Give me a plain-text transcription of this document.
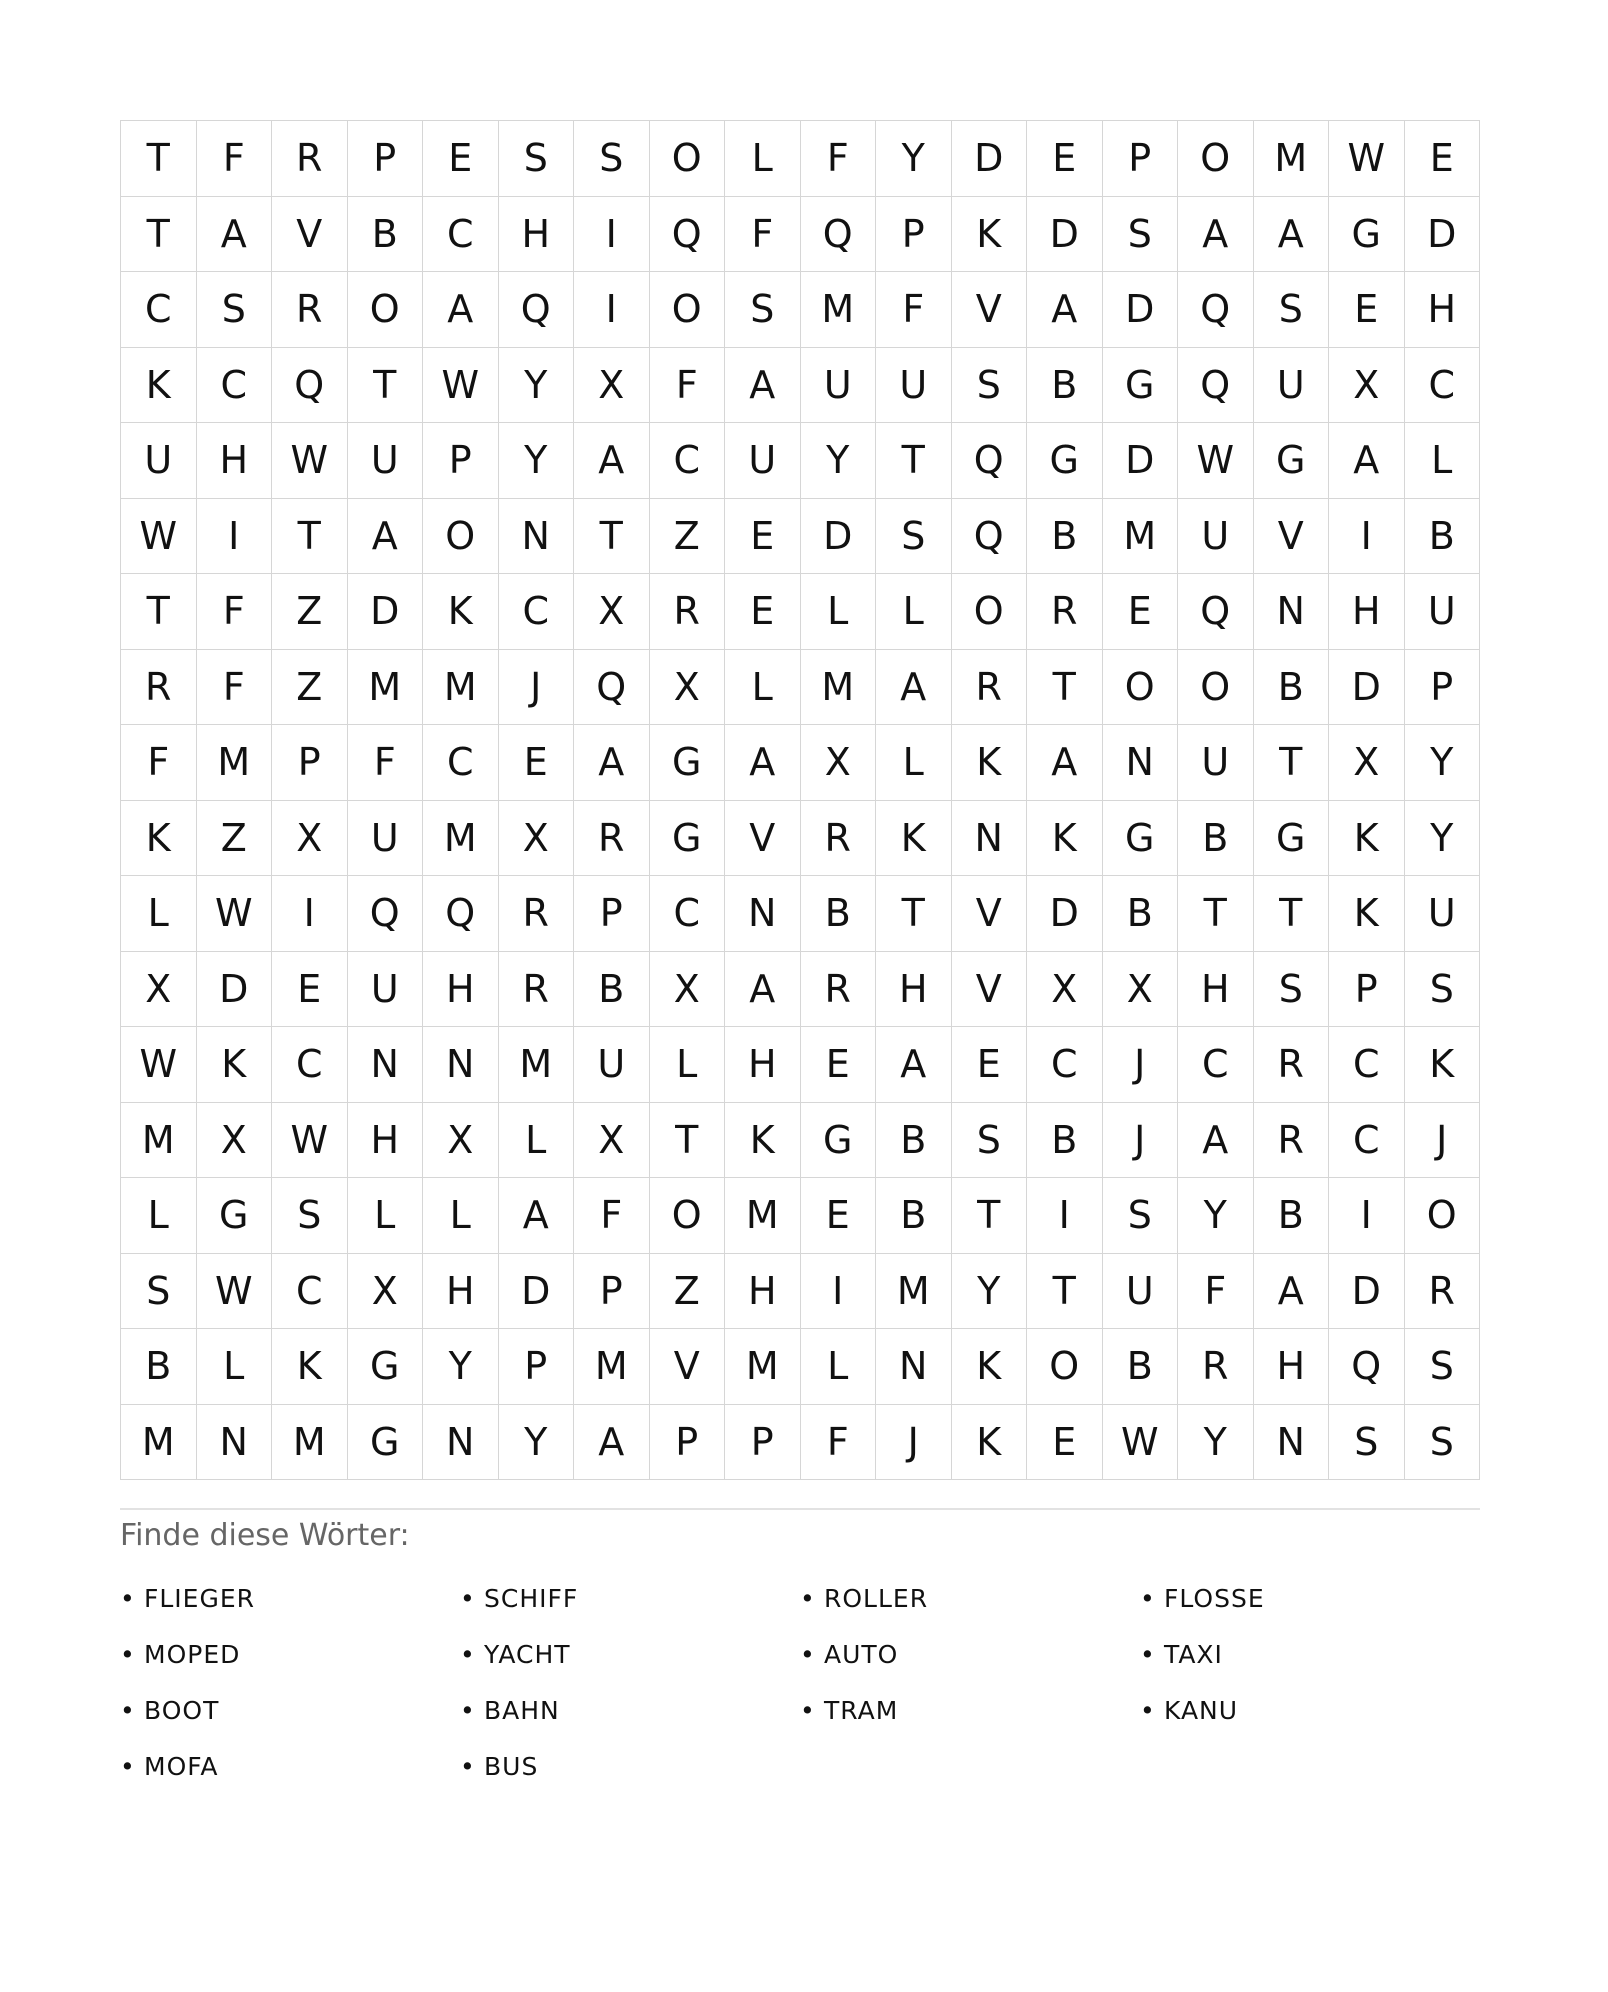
T	F	R	P	E	S	S	O	L	F	Y	D	E	P	O	M	W	E
T	A	V	B	C	H	I	Q	F	Q	P	K	D	S	A	A	G	D
C	S	R	O	A	Q	I	O	S	M	F	V	A	D	Q	S	E	H
K	C	Q	T	W	Y	X	F	A	U	U	S	B	G	Q	U	X	C
U	H	W	U	P	Y	A	C	U	Y	T	Q	G	D	W	G	A	L
W	I	T	A	O	N	T	Z	E	D	S	Q	B	M	U	V	I	B
T	F	Z	D	K	C	X	R	E	L	L	O	R	E	Q	N	H	U
R	F	Z	M	M	J	Q	X	L	M	A	R	T	O	O	B	D	P
F	M	P	F	C	E	A	G	A	X	L	K	A	N	U	T	X	Y
K	Z	X	U	M	X	R	G	V	R	K	N	K	G	B	G	K	Y
L	W	I	Q	Q	R	P	C	N	B	T	V	D	B	T	T	K	U
X	D	E	U	H	R	B	X	A	R	H	V	X	X	H	S	P	S
W	K	C	N	N	M	U	L	H	E	A	E	C	J	C	R	C	K
M	X	W	H	X	L	X	T	K	G	B	S	B	J	A	R	C	J
L	G	S	L	L	A	F	O	M	E	B	T	I	S	Y	B	I	O
S	W	C	X	H	D	P	Z	H	I	M	Y	T	U	F	A	D	R
B	L	K	G	Y	P	M	V	M	L	N	K	O	B	R	H	Q	S
M	N	M	G	N	Y	A	P	P	F	J	K	E	W	Y	N	S	S
Finde diese Wörter:
• FLIEGER	• SCHIFF	• ROLLER	• FLOSSE
• MOPED	• YACHT	• AUTO	• TAXI
• BOOT	• BAHN	• TRAM	• KANU
• MOFA	• BUS
